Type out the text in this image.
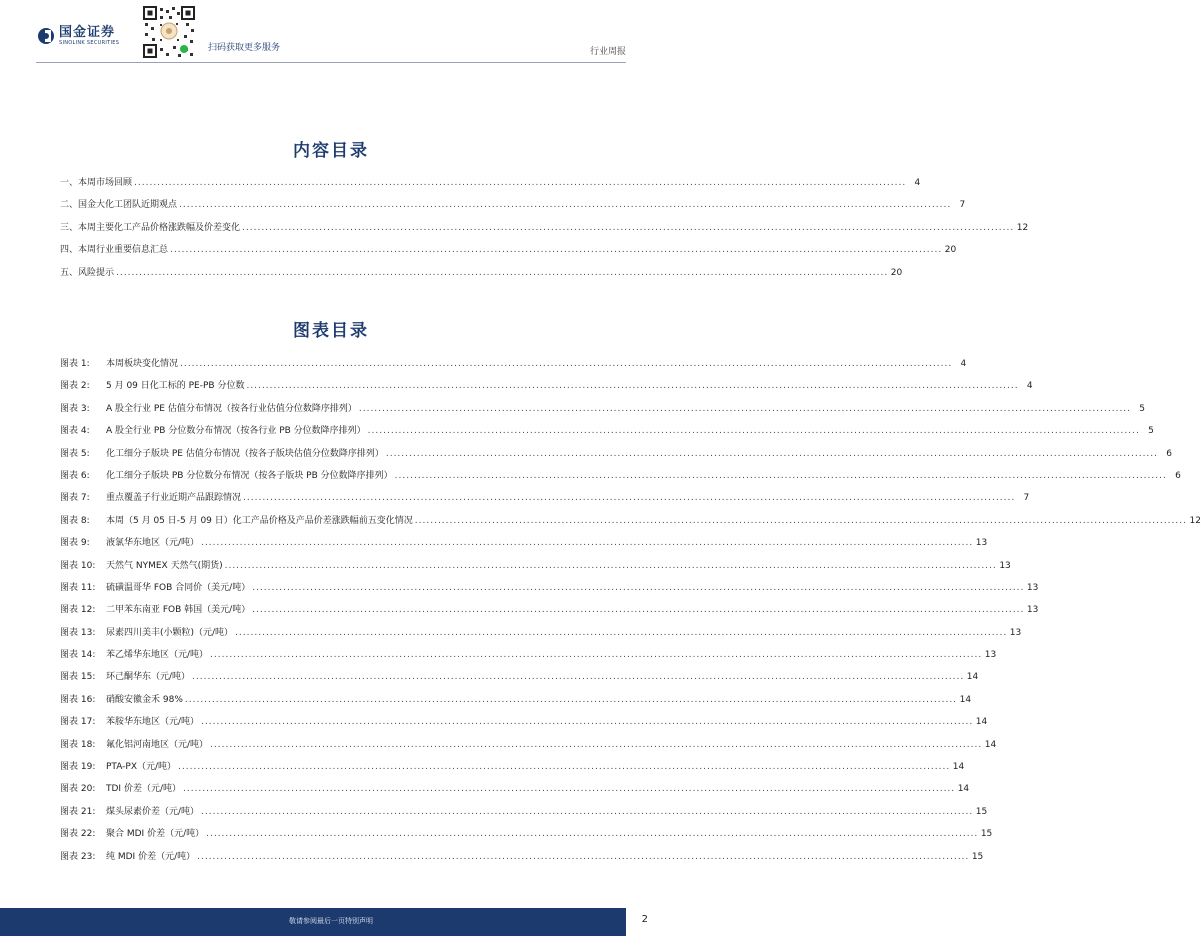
国金证券
SINOLINK SECURITIES	扫码获取更多服务	行业周报
内容目录
一、本周市场回顾 ........................................................................................................................................................................................................ 4
二、国金大化工团队近期观点 ........................................................................................................................................................................................................ 7
三、本周主要化工产品价格涨跌幅及价差变化 ........................................................................................................................................................................................................ 12
四、本周行业重要信息汇总 ........................................................................................................................................................................................................ 20
五、风险提示 ........................................................................................................................................................................................................ 20
图表目录
图表 1:	本周板块变化情况 ........................................................................................................................................................................................................ 4
图表 2:	5 月 09 日化工标的 PE-PB 分位数 ........................................................................................................................................................................................................ 4
图表 3:	A 股全行业 PE 估值分布情况（按各行业估值分位数降序排列） ........................................................................................................................................................................................................ 5
图表 4:	A 股全行业 PB 分位数分布情况（按各行业 PB 分位数降序排列） ........................................................................................................................................................................................................ 5
图表 5:	化工细分子版块 PE 估值分布情况（按各子版块估值分位数降序排列） ........................................................................................................................................................................................................ 6
图表 6:	化工细分子版块 PB 分位数分布情况（按各子版块 PB 分位数降序排列） ........................................................................................................................................................................................................ 6
图表 7:	重点覆盖子行业近期产品跟踪情况 ........................................................................................................................................................................................................ 7
图表 8:	本周（5 月 05 日-5 月 09 日）化工产品价格及产品价差涨跌幅前五变化情况 ........................................................................................................................................................................................................ 12
图表 9:	液氯华东地区（元/吨） ........................................................................................................................................................................................................ 13
图表 10:	天然气 NYMEX 天然气(期货) ........................................................................................................................................................................................................ 13
图表 11:	硫磺温哥华 FOB 合同价（美元/吨） ........................................................................................................................................................................................................ 13
图表 12:	二甲苯东南亚 FOB 韩国（美元/吨） ........................................................................................................................................................................................................ 13
图表 13:	尿素四川美丰(小颗粒)（元/吨） ........................................................................................................................................................................................................ 13
图表 14:	苯乙烯华东地区（元/吨） ........................................................................................................................................................................................................ 13
图表 15:	环己酮华东（元/吨） ........................................................................................................................................................................................................ 14
图表 16:	硝酸安徽金禾 98% ........................................................................................................................................................................................................ 14
图表 17:	苯胺华东地区（元/吨） ........................................................................................................................................................................................................ 14
图表 18:	氟化铝河南地区（元/吨） ........................................................................................................................................................................................................ 14
图表 19:	PTA-PX（元/吨） ........................................................................................................................................................................................................ 14
图表 20:	TDI 价差（元/吨） ........................................................................................................................................................................................................ 14
图表 21:	煤头尿素价差（元/吨） ........................................................................................................................................................................................................ 15
图表 22:	聚合 MDI 价差（元/吨） ........................................................................................................................................................................................................ 15
图表 23:	纯 MDI 价差（元/吨） ........................................................................................................................................................................................................ 15
敬请参阅最后一页特别声明	2
